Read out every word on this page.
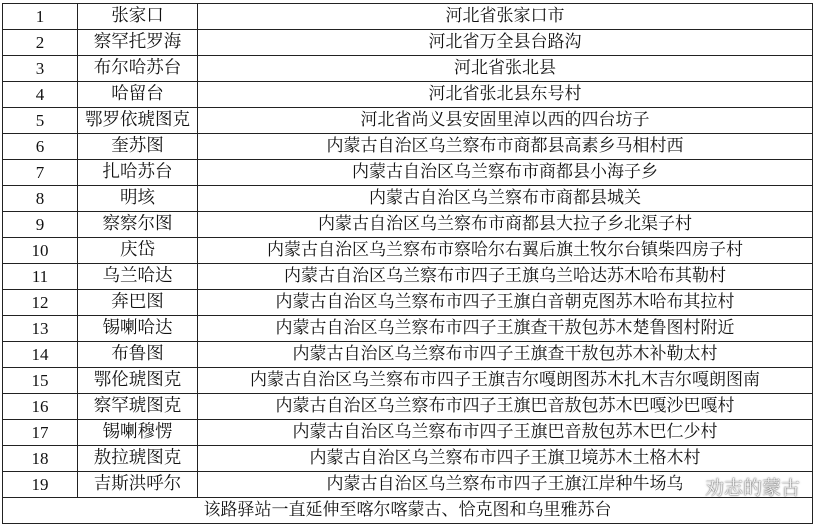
1	张家口	河北省张家口市
2	察罕托罗海	河北省万全县台路沟
3	布尔哈苏台	河北省张北县
4	哈留台	河北省张北县东号村
5	鄂罗依琥图克	河北省尚义县安固里淖以西的四台坊子
6	奎苏图	内蒙古自治区乌兰察布市商都县高素乡马相村西
7	扎哈苏台	内蒙古自治区乌兰察布市商都县小海子乡
8	明垓	内蒙古自治区乌兰察布市商都县城关
9	察察尔图	内蒙古自治区乌兰察布市商都县大拉子乡北渠子村
10	庆岱	内蒙古自治区乌兰察布市察哈尔右翼后旗土牧尔台镇柴四房子村
11	乌兰哈达	内蒙古自治区乌兰察布市四子王旗乌兰哈达苏木哈布其勒村
12	奔巴图	内蒙古自治区乌兰察布市四子王旗白音朝克图苏木哈布其拉村
13	锡喇哈达	内蒙古自治区乌兰察布市四子王旗查干敖包苏木楚鲁图村附近
14	布鲁图	内蒙古自治区乌兰察布市四子王旗查干敖包苏木补勒太村
15	鄂伦琥图克	内蒙古自治区乌兰察布市四子王旗吉尔嘎朗图苏木扎木吉尔嘎朗图南
16	察罕琥图克	内蒙古自治区乌兰察布市四子王旗巴音敖包苏木巴嘎沙巴嘎村
17	锡喇穆愣	内蒙古自治区乌兰察布市四子王旗巴音敖包苏木巴仁少村
18	敖拉琥图克	内蒙古自治区乌兰察布市四子王旗卫境苏木土格木村
19	吉斯洪呼尔	内蒙古自治区乌兰察布市四子王旗江岸种牛场乌
该路驿站一直延伸至喀尔喀蒙古、恰克图和乌里雅苏台		
劝志的蒙古
